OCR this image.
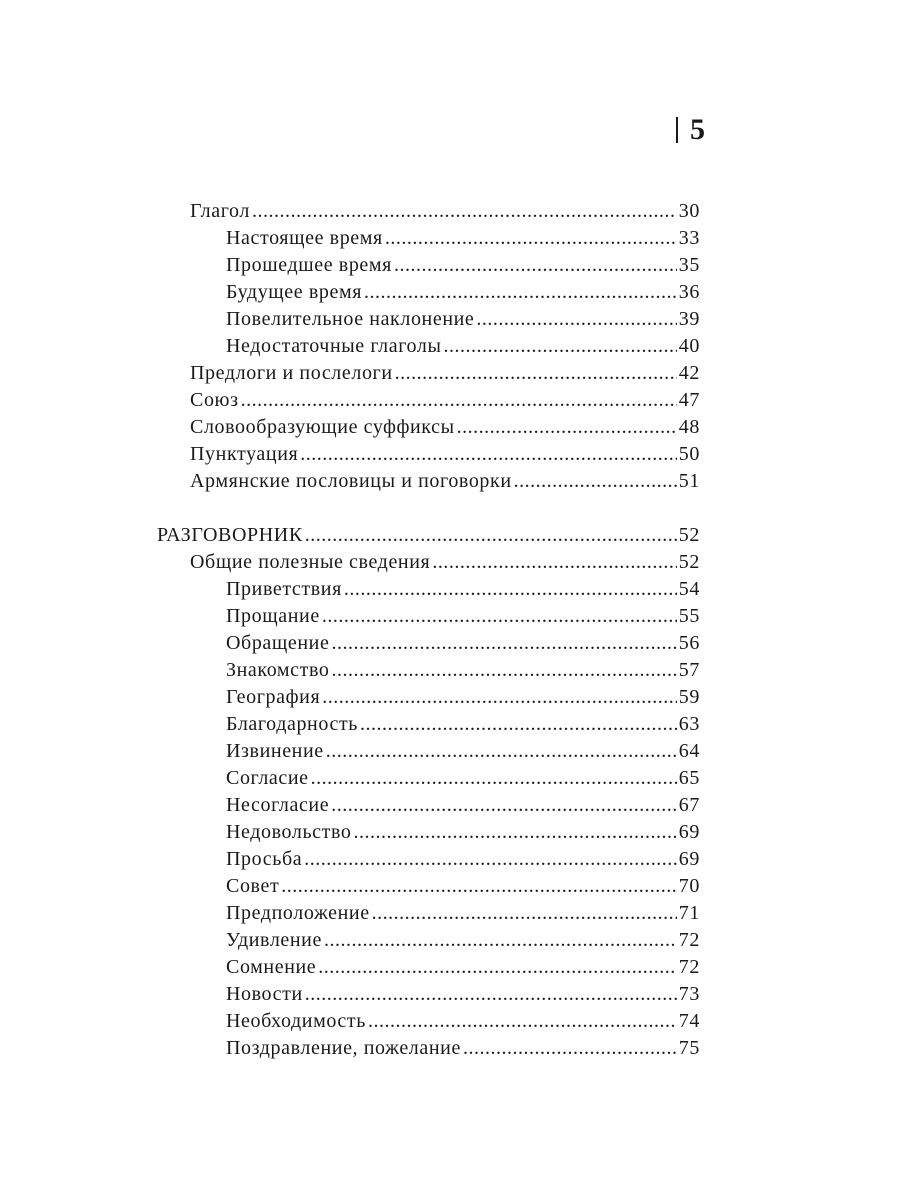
5
Глагол .....	30
Настоящее время .....	33
Прошедшее время .....	35
Будущее время .....	36
Повелительное наклонение .....	39
Недостаточные глаголы .....	40
Предлоги и послелоги .....	42
Союз .....	47
Словообразующие суффиксы .....	48
Пунктуация .....	50
Армянские пословицы и поговорки .....	51
РАЗГОВОРНИК .....	52
Общие полезные сведения .....	52
Приветствия .....	54
Прощание .....	55
Обращение .....	56
Знакомство .....	57
География .....	59
Благодарность .....	63
Извинение .....	64
Согласие .....	65
Несогласие .....	67
Недовольство .....	69
Просьба .....	69
Совет .....	70
Предположение .....	71
Удивление .....	72
Сомнение .....	72
Новости .....	73
Необходимость .....	74
Поздравление, пожелание .....	75
